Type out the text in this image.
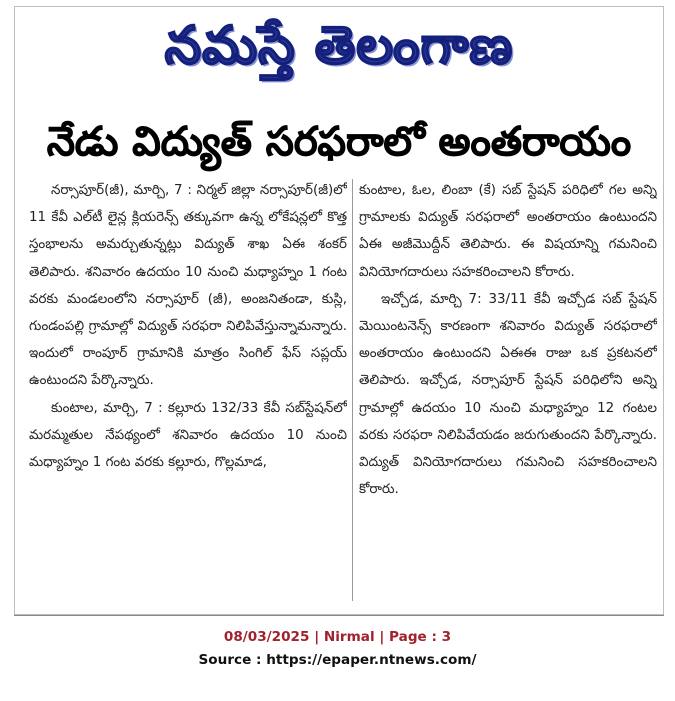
నమస్తే తెలంగాణ
నేడు విద్యుత్ సరఫరాలో అంతరాయం

నర్సాపూర్(జీ), మార్చి, 7 : నిర్మల్ జిల్లా నర్సాపూర్(జీ)లో 11 కేవీ ఎల్‌టీ లైన్ల క్లియరెన్స్ తక్కువగా ఉన్న లోకేషన్లలో కొత్త స్తంభాలను అమర్చుతున్నట్లు విద్యుత్ శాఖ ఏఈ శంకర్ తెలిపారు. శనివారం ఉదయం 10 నుంచి మధ్యాహ్నం 1 గంట వరకు మండలంలోని నర్సాపూర్ (జీ), అంజనితండా, కుస్లి, గుండంపల్లి గ్రామాల్లో విద్యుత్ సరఫరా నిలిపివేస్తున్నామన్నారు. ఇందులో రాంపూర్ గ్రామానికి మాత్రం సింగిల్ ఫేస్ సప్లయ్ ఉంటుందని పేర్కొన్నారు.

కుంటాల, మార్చి, 7 : కల్లూరు 132/33 కేవీ సబ్‌స్టేషన్‌లో మరమ్మతుల నేపథ్యంలో శనివారం ఉదయం 10 నుంచి మధ్యాహ్నం 1 గంట వరకు కల్లూరు, గొల్లమాడ,

కుంటాల, ఓల, లింబా (కే) సబ్ స్టేషన్ పరిధిలో గల అన్ని గ్రామాలకు విద్యుత్ సరఫరాలో అంతరాయం ఉంటుందని ఏఈ అజీమొద్దీన్ తెలిపారు. ఈ విషయాన్ని గమనించి వినియోగదారులు సహకరించాలని కోరారు.

ఇచ్చోడ, మార్చి 7: 33/11 కేవీ ఇచ్చోడ సబ్ స్టేషన్ మెయింటనెన్స్ కారణంగా శనివారం విద్యుత్ సరఫరాలో అంతరాయం ఉంటుందని ఏఈఈ రాజు ఒక ప్రకటనలో తెలిపారు. ఇచ్చోడ, నర్సాపూర్ స్టేషన్ పరిధిలోని అన్ని గ్రామాల్లో ఉదయం 10 నుంచి మధ్యాహ్నం 12 గంటల వరకు సరఫరా నిలిపివేయడం జరుగుతుందని పేర్కొన్నారు. విద్యుత్ వినియోగదారులు గమనించి సహకరించాలని కోరారు.

08/03/2025 | Nirmal | Page : 3
Source : https://epaper.ntnews.com/
